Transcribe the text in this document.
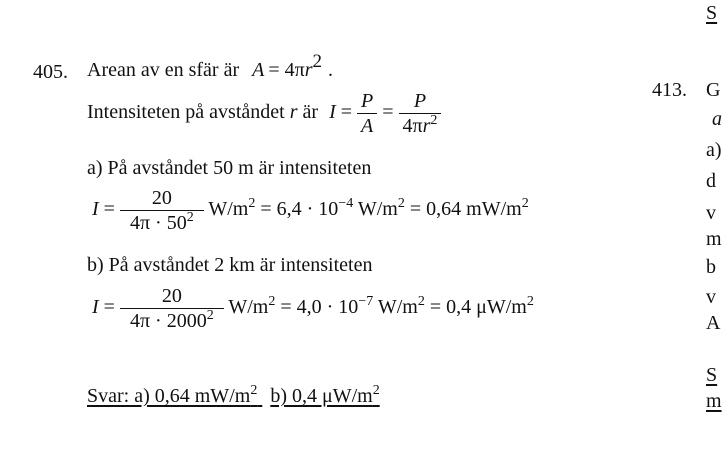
S
413. G
a
a)
d
v
m
b
v
A
S
m
405. Arean av en sfär är $A = 4\pi r^2$ .
Intensiteten på avståndet r är $I = \frac{P}{A} = \frac{P}{4\pi r^2}$
a) På avståndet 50 m är intensiteten
$I = \frac{20}{4\pi \cdot 50^2} W/m^2 = 6,4 \cdot 10^{-4}$ $W/m^2 = 0,64$ $mW/m^2$
b) På avståndet 2 km är intensiteten
$I = \frac{20}{4\pi \cdot 2000^2} W/m^2 = 4,0 \cdot 10^{-7}$ $W/m^2 = 0,4$ $\mu W/m^2$
Svar: a) 0,64 $mW/m^2$ b) 0,4 $\mu W/m^2$
